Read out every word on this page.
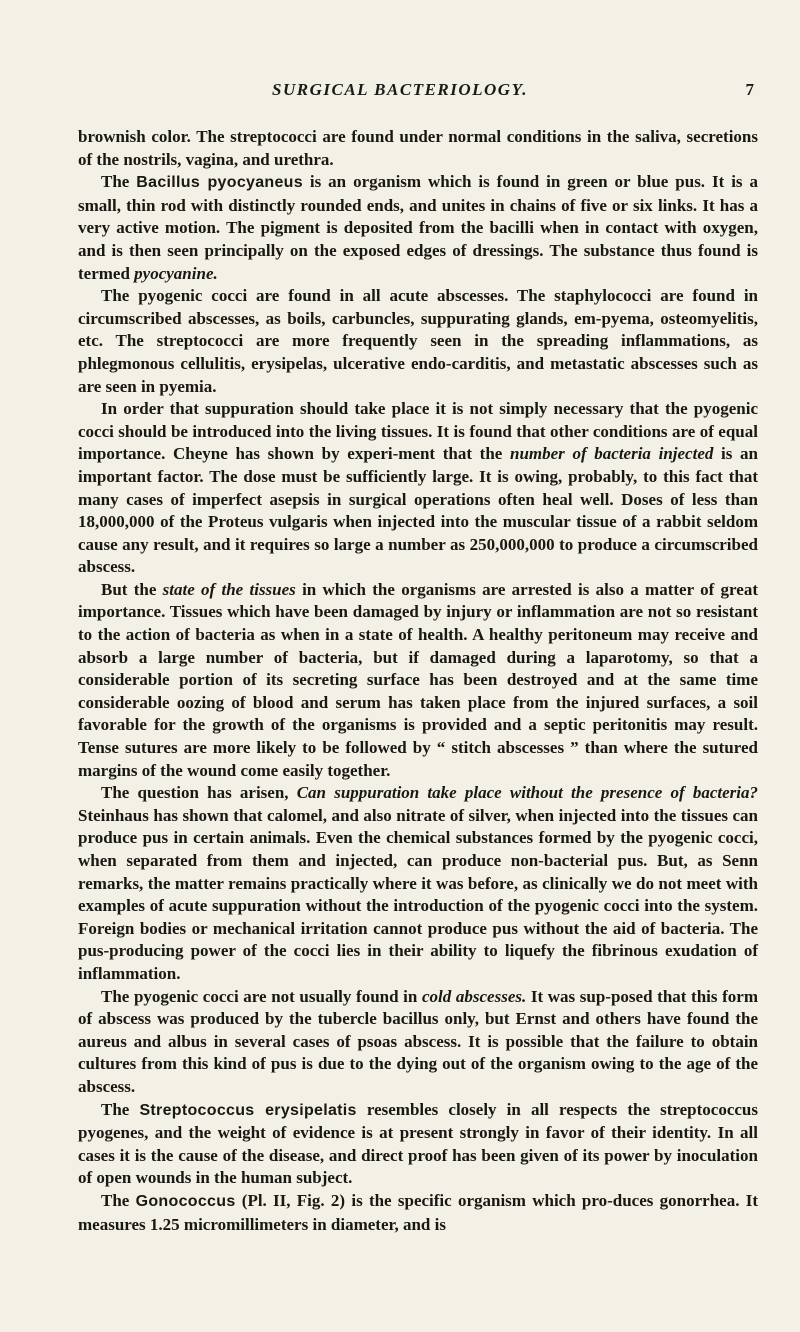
SURGICAL BACTERIOLOGY.	7

brownish color. The streptococci are found under normal conditions in the saliva, secretions of the nostrils, vagina, and urethra.

The Bacillus pyocyaneus is an organism which is found in green or blue pus. It is a small, thin rod with distinctly rounded ends, and unites in chains of five or six links. It has a very active motion. The pigment is deposited from the bacilli when in contact with oxygen, and is then seen principally on the exposed edges of dressings. The substance thus found is termed pyocyanine.

The pyogenic cocci are found in all acute abscesses. The staphylococci are found in circumscribed abscesses, as boils, carbuncles, suppurating glands, em-pyema, osteomyelitis, etc. The streptococci are more frequently seen in the spreading inflammations, as phlegmonous cellulitis, erysipelas, ulcerative endo-carditis, and metastatic abscesses such as are seen in pyemia.

In order that suppuration should take place it is not simply necessary that the pyogenic cocci should be introduced into the living tissues. It is found that other conditions are of equal importance. Cheyne has shown by experi-ment that the number of bacteria injected is an important factor. The dose must be sufficiently large. It is owing, probably, to this fact that many cases of imperfect asepsis in surgical operations often heal well. Doses of less than 18,000,000 of the Proteus vulgaris when injected into the muscular tissue of a rabbit seldom cause any result, and it requires so large a number as 250,000,000 to produce a circumscribed abscess.

But the state of the tissues in which the organisms are arrested is also a matter of great importance. Tissues which have been damaged by injury or inflammation are not so resistant to the action of bacteria as when in a state of health. A healthy peritoneum may receive and absorb a large number of bacteria, but if damaged during a laparotomy, so that a considerable portion of its secreting surface has been destroyed and at the same time considerable oozing of blood and serum has taken place from the injured surfaces, a soil favorable for the growth of the organisms is provided and a septic peritonitis may result. Tense sutures are more likely to be followed by “ stitch abscesses ” than where the sutured margins of the wound come easily together.

The question has arisen, Can suppuration take place without the presence of bacteria? Steinhaus has shown that calomel, and also nitrate of silver, when injected into the tissues can produce pus in certain animals. Even the chemical substances formed by the pyogenic cocci, when separated from them and injected, can produce non-bacterial pus. But, as Senn remarks, the matter remains practically where it was before, as clinically we do not meet with examples of acute suppuration without the introduction of the pyogenic cocci into the system. Foreign bodies or mechanical irritation cannot produce pus without the aid of bacteria. The pus-producing power of the cocci lies in their ability to liquefy the fibrinous exudation of inflammation.

The pyogenic cocci are not usually found in cold abscesses. It was sup-posed that this form of abscess was produced by the tubercle bacillus only, but Ernst and others have found the aureus and albus in several cases of psoas abscess. It is possible that the failure to obtain cultures from this kind of pus is due to the dying out of the organism owing to the age of the abscess.

The Streptococcus erysipelatis resembles closely in all respects the streptococcus pyogenes, and the weight of evidence is at present strongly in favor of their identity. In all cases it is the cause of the disease, and direct proof has been given of its power by inoculation of open wounds in the human subject.

The Gonococcus (Pl. II, Fig. 2) is the specific organism which pro-duces gonorrhea. It measures 1.25 micromillimeters in diameter, and is
